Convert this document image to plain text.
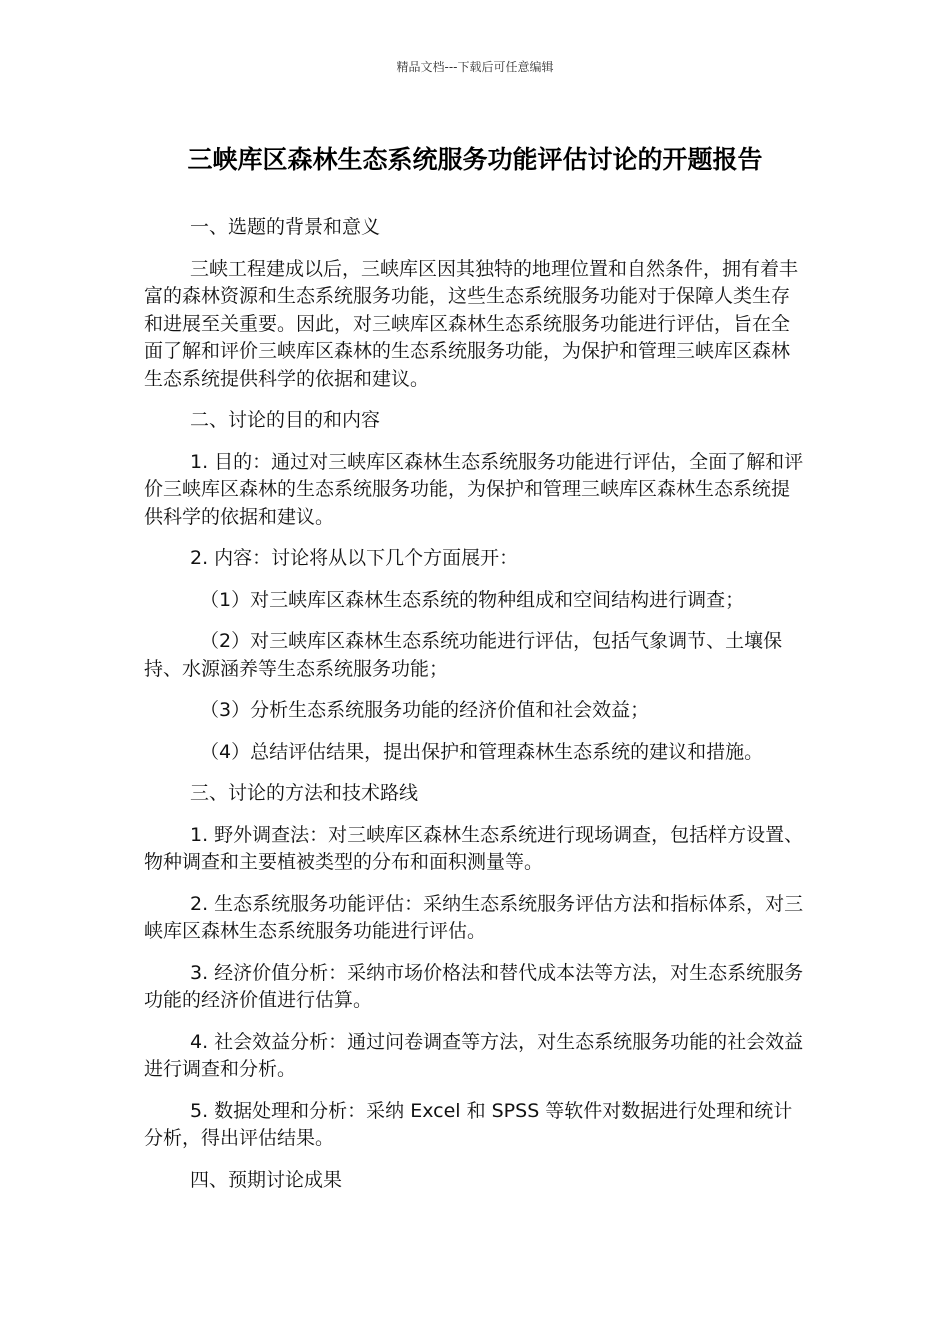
精品文档---下载后可任意编辑
三峡库区森林生态系统服务功能评估讨论的开题报告

一、选题的背景和意义

三峡工程建成以后，三峡库区因其独特的地理位置和自然条件，拥有着丰富的森林资源和生态系统服务功能，这些生态系统服务功能对于保障人类生存和进展至关重要。因此，对三峡库区森林生态系统服务功能进行评估，旨在全面了解和评价三峡库区森林的生态系统服务功能，为保护和管理三峡库区森林生态系统提供科学的依据和建议。

二、讨论的目的和内容

1. 目的：通过对三峡库区森林生态系统服务功能进行评估，全面了解和评价三峡库区森林的生态系统服务功能，为保护和管理三峡库区森林生态系统提供科学的依据和建议。

2. 内容：讨论将从以下几个方面展开：

（1）对三峡库区森林生态系统的物种组成和空间结构进行调查；

（2）对三峡库区森林生态系统功能进行评估，包括气象调节、土壤保持、水源涵养等生态系统服务功能；

（3）分析生态系统服务功能的经济价值和社会效益；

（4）总结评估结果，提出保护和管理森林生态系统的建议和措施。

三、讨论的方法和技术路线

1. 野外调查法：对三峡库区森林生态系统进行现场调查，包括样方设置、物种调查和主要植被类型的分布和面积测量等。

2. 生态系统服务功能评估：采纳生态系统服务评估方法和指标体系，对三峡库区森林生态系统服务功能进行评估。

3. 经济价值分析：采纳市场价格法和替代成本法等方法，对生态系统服务功能的经济价值进行估算。

4. 社会效益分析：通过问卷调查等方法，对生态系统服务功能的社会效益进行调查和分析。

5. 数据处理和分析：采纳 Excel 和 SPSS 等软件对数据进行处理和统计分析，得出评估结果。

四、预期讨论成果
